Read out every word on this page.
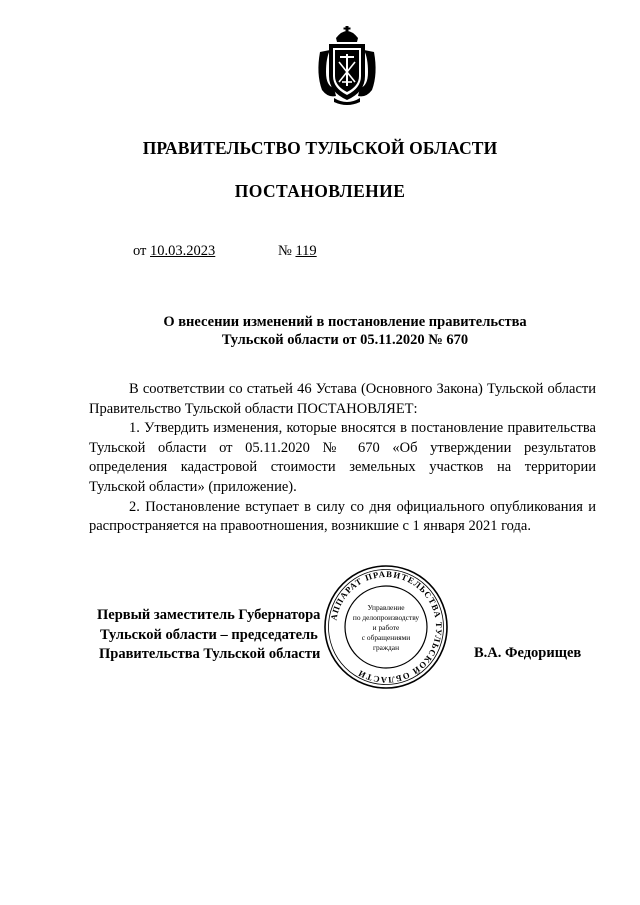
ПРАВИТЕЛЬСТВО ТУЛЬСКОЙ ОБЛАСТИ
ПОСТАНОВЛЕНИЕ
от 10.03.2023	№ 119
О внесении изменений в постановление правительства
Тульской области от 05.11.2020 № 670

В соответствии со статьей 46 Устава (Основного Закона) Тульской области Правительство Тульской области ПОСТАНОВЛЯЕТ:

1. Утвердить изменения, которые вносятся в постановление правительства Тульской области от 05.11.2020 № 670 «Об утверждении результатов определения кадастровой стоимости земельных участков на территории Тульской области» (приложение).

2. Постановление вступает в силу со дня официального опубликования и распространяется на правоотношения, возникшие с 1 января 2021 года.

Первый заместитель Губернатора
Тульской области – председатель
Правительства Тульской области	В.А. Федорищев
АППАРАТ ПРАВИТЕЛЬСТВА ТУЛЬСКОЙ ОБЛАСТИ
Управление
по делопроизводству
и работе
с обращениями
граждан
